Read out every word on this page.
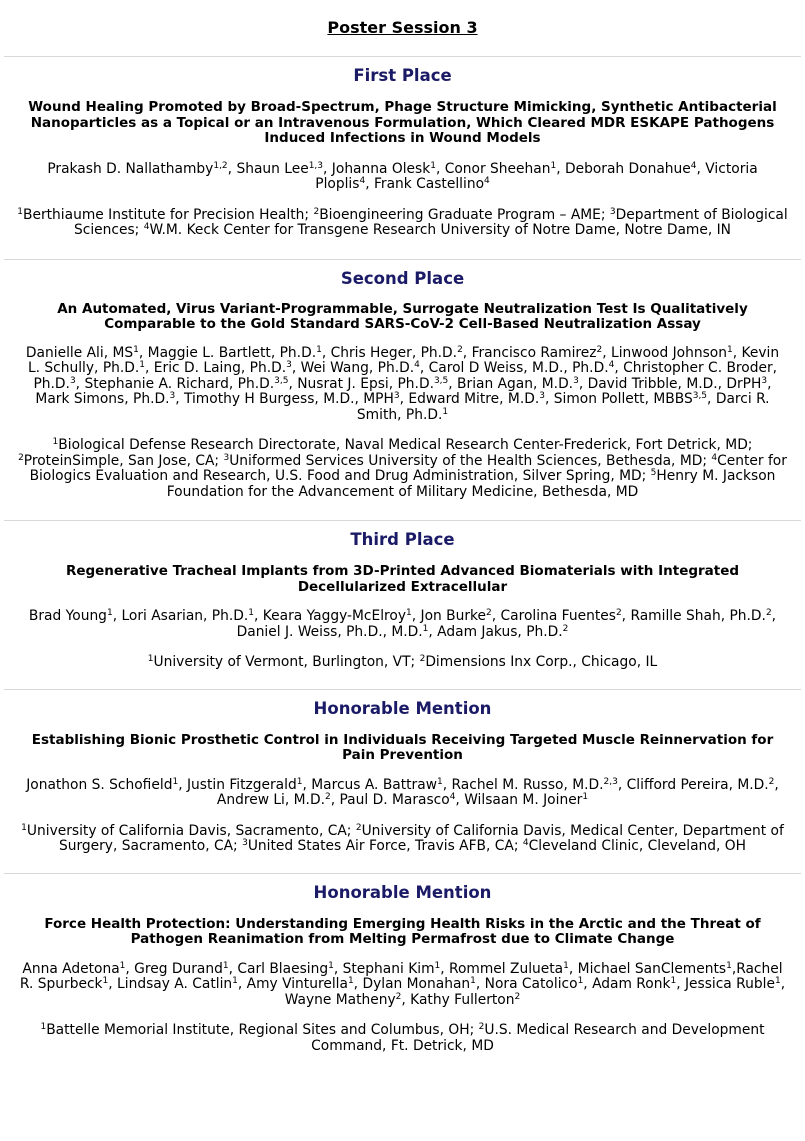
Poster Session 3
First Place
Wound Healing Promoted by Broad-Spectrum, Phage Structure Mimicking, Synthetic Antibacterial
Nanoparticles as a Topical or an Intravenous Formulation, Which Cleared MDR ESKAPE Pathogens
Induced Infections in Wound Models
Prakash D. Nallathamby$^{1,2}$, Shaun Lee$^{1,3}$, Johanna Olesk$^1$, Conor Sheehan$^1$, Deborah Donahue$^4$, Victoria
Ploplis$^4$, Frank Castellino$^4$
$^1$Berthiaume Institute for Precision Health; $^2$Bioengineering Graduate Program – AME; $^3$Department of Biological
Sciences; $^4$W.M. Keck Center for Transgene Research University of Notre Dame, Notre Dame, IN
Second Place
An Automated, Virus Variant-Programmable, Surrogate Neutralization Test Is Qualitatively
Comparable to the Gold Standard SARS-CoV-2 Cell-Based Neutralization Assay
Danielle Ali, $MS^1$, Maggie L. Bartlett, Ph.D.$^1$, Chris Heger, Ph.D.$^2$, Francisco Ramirez$^2$, Linwood Johnson$^1$, Kevin
L. Schully, Ph.D.$^1$, Eric D. Laing, Ph.D.$^3$, Wei Wang, Ph.D.$^4$, Carol D Weiss, M.D., Ph.D.$^4$, Christopher C. Broder,
Ph.D.$^3$, Stephanie A. Richard, Ph.D.$^{3,5}$, Nusrat J. Epsi, Ph.D.$^{3,5}$, Brian Agan, M.D.$^3$, David Tribble, M.D., DrPH$^3$,
Mark Simons, Ph.D.$^3$, Timothy H Burgess, M.D., MPH$^3$, Edward Mitre, M.D.$^3$, Simon Pollett, MBBS$^{3,5}$, Darci R.
Smith, Ph.D.$^1$
$^1$Biological Defense Research Directorate, Naval Medical Research Center-Frederick, Fort Detrick, MD;
$^2$ProteinSimple, San Jose, CA; $^3$Uniformed Services University of the Health Sciences, Bethesda, MD; $^4$Center for
Biologics Evaluation and Research, U.S. Food and Drug Administration, Silver Spring, MD; $^5$Henry M. Jackson
Foundation for the Advancement of Military Medicine, Bethesda, MD
Third Place
Regenerative Tracheal Implants from 3D-Printed Advanced Biomaterials with Integrated
Decellularized Extracellular
Brad Young$^1$, Lori Asarian, Ph.D.$^1$, Keara Yaggy-McElroy$^1$, Jon Burke$^2$, Carolina Fuentes$^2$, Ramille Shah, Ph.D.$^2$,
Daniel J. Weiss, Ph.D., M.D.$^1$, Adam Jakus, Ph.D.$^2$
$^1$University of Vermont, Burlington, VT; $^2$Dimensions Inx Corp., Chicago, IL
Honorable Mention
Establishing Bionic Prosthetic Control in Individuals Receiving Targeted Muscle Reinnervation for
Pain Prevention
Jonathon S. Schofield$^1$, Justin Fitzgerald$^1$, Marcus A. Battraw$^1$, Rachel M. Russo, M.D.$^{2,3}$, Clifford Pereira, M.D.$^2$,
Andrew Li, M.D.$^2$, Paul D. Marasco$^4$, Wilsaan M. Joiner$^1$
$^1$University of California Davis, Sacramento, CA; $^2$University of California Davis, Medical Center, Department of
Surgery, Sacramento, CA; $^3$United States Air Force, Travis AFB, CA; $^4$Cleveland Clinic, Cleveland, OH
Honorable Mention
Force Health Protection: Understanding Emerging Health Risks in the Arctic and the Threat of
Pathogen Reanimation from Melting Permafrost due to Climate Change
Anna Adetona$^1$, Greg Durand$^1$, Carl Blaesing$^1$, Stephani Kim$^1$, Rommel Zulueta$^1$, Michael SanClements$^1$,Rachel
R. Spurbeck$^1$, Lindsay A. Catlin$^1$, Amy Vinturella$^1$, Dylan Monahan$^1$, Nora Catolico$^1$, Adam Ronk$^1$, Jessica Ruble$^1$,
Wayne Matheny$^2$, Kathy Fullerton$^2$
$^1$Battelle Memorial Institute, Regional Sites and Columbus, OH; $^2$U.S. Medical Research and Development
Command, Ft. Detrick, MD
